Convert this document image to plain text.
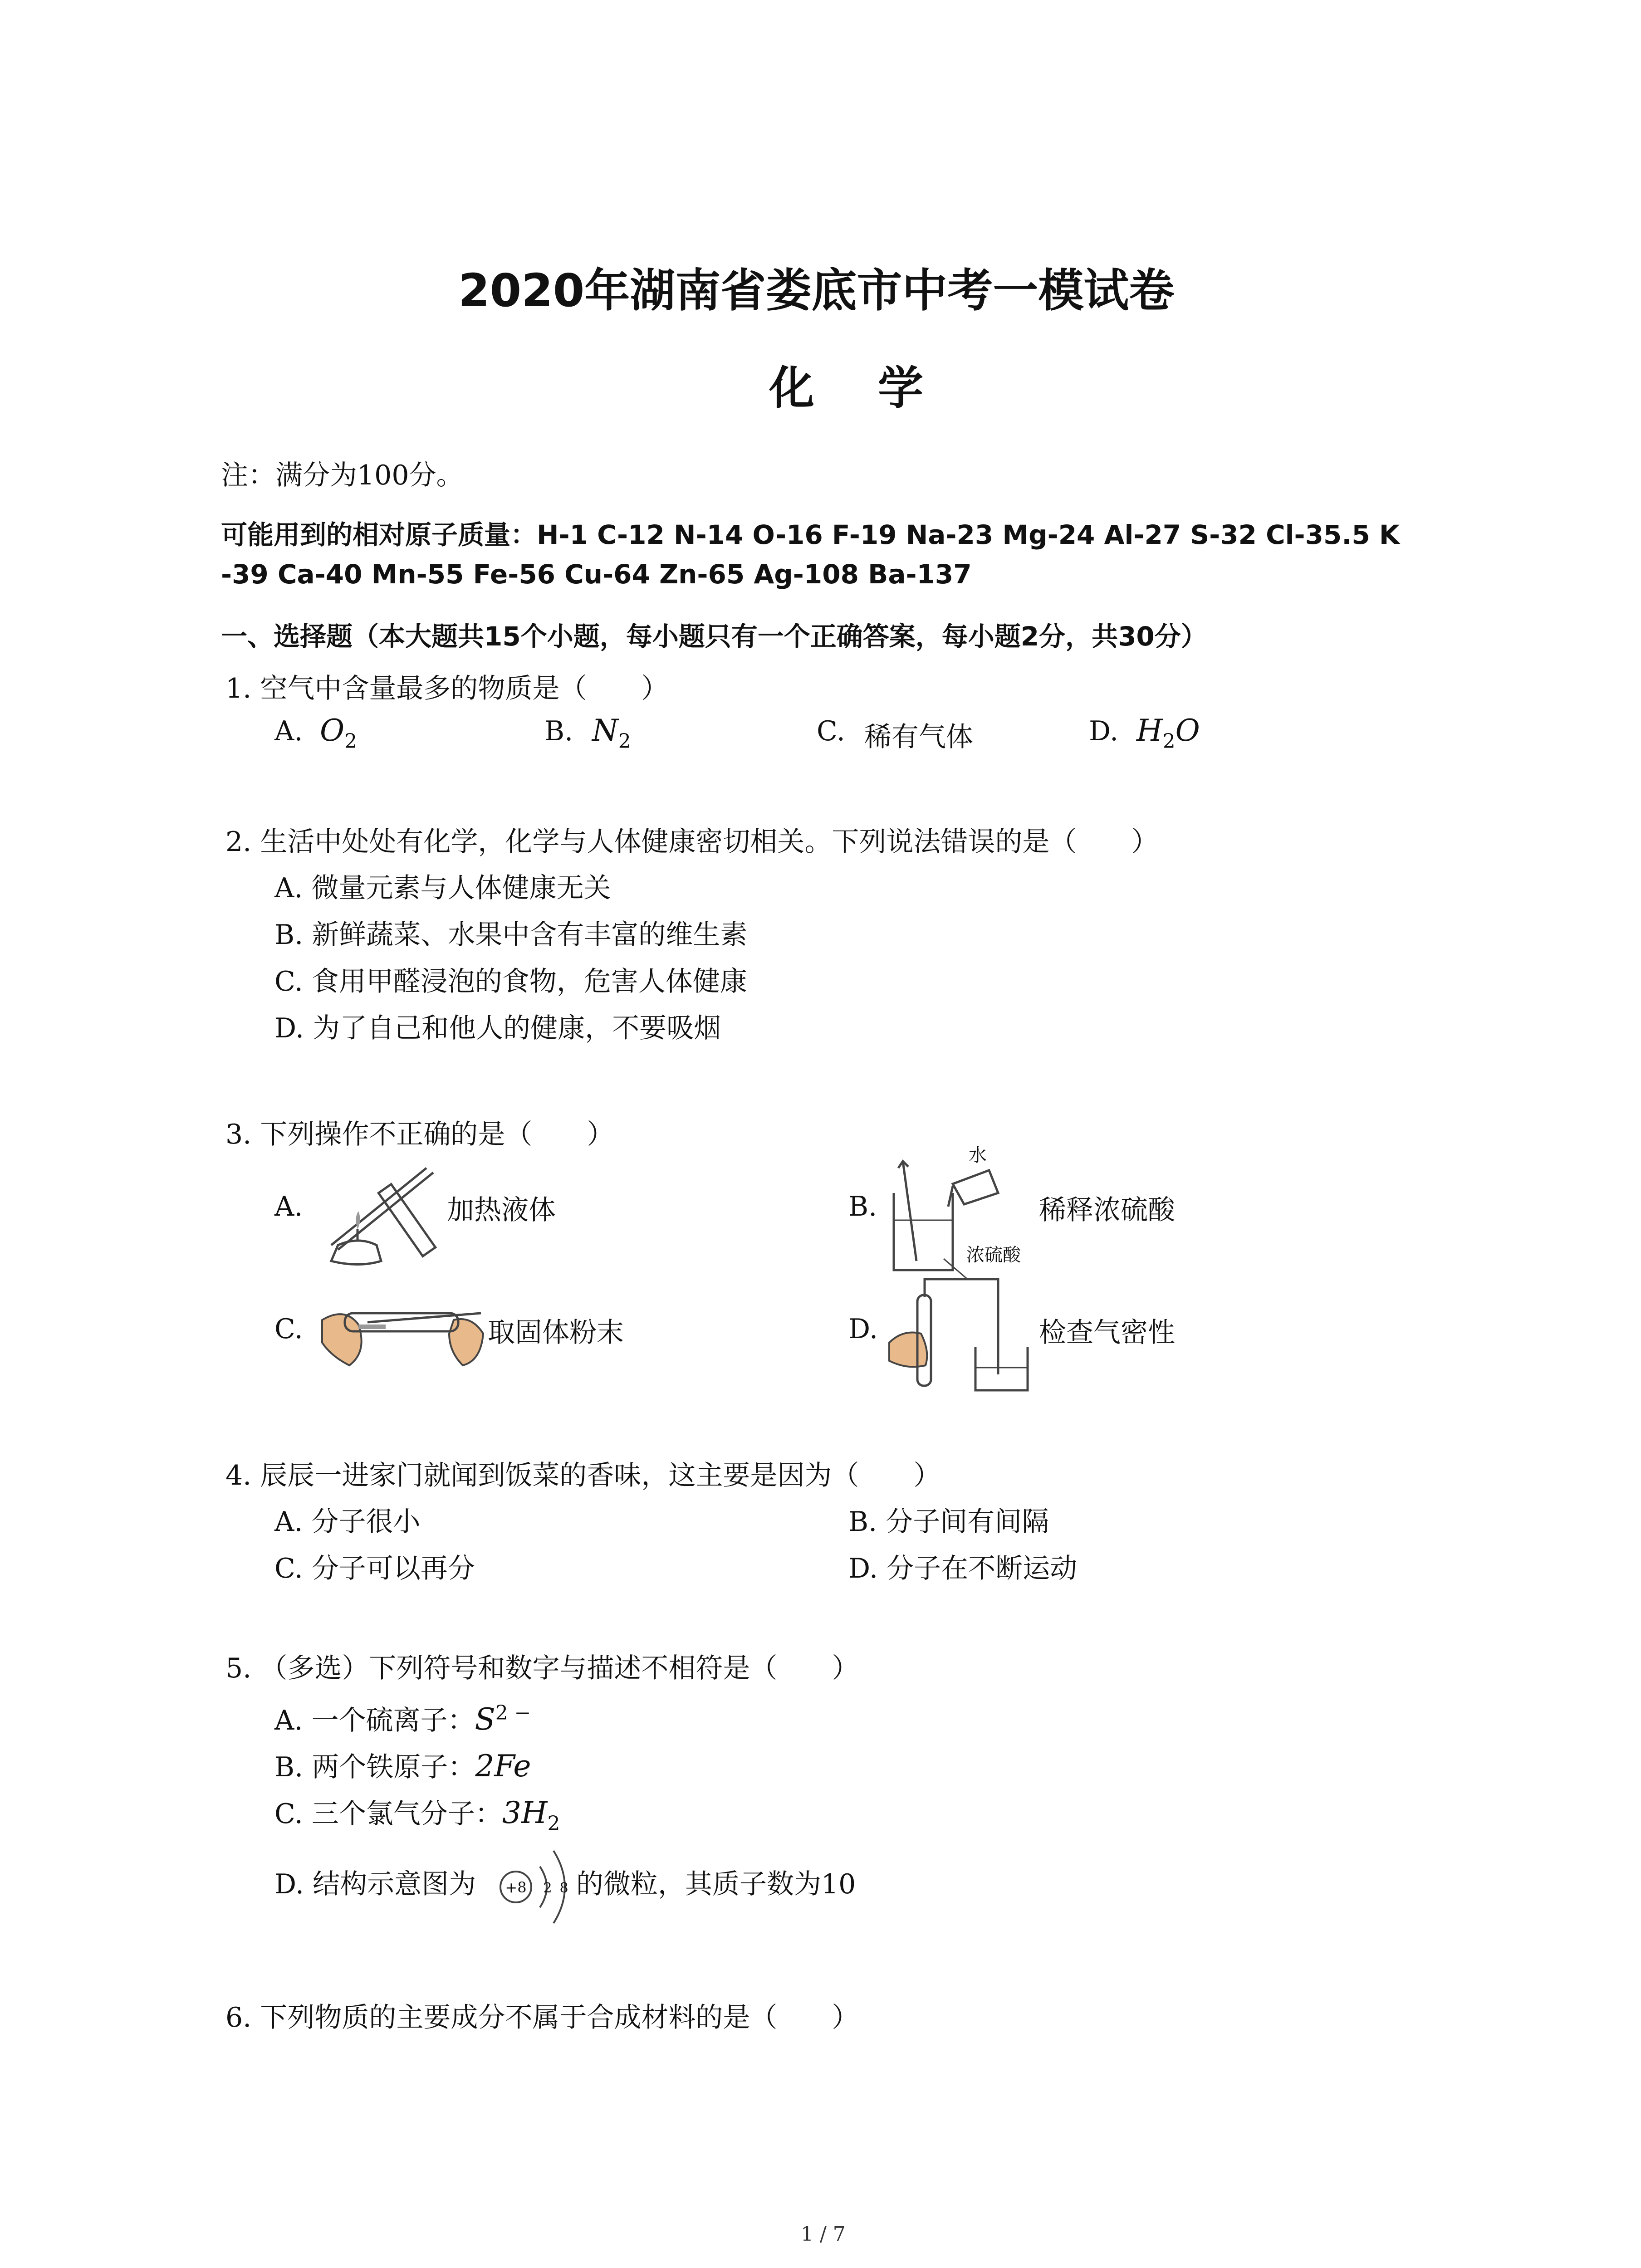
2020年湖南省娄底市中考一模试卷
化　学
注：满分为100分。
可能用到的相对原子质量：H-1 C-12 N-14 O-16 F-19 Na-23 Mg-24 Al-27 S-32 Cl-35.5 K
-39 Ca-40 Mn-55 Fe-56 Cu-64 Zn-65 Ag-108 Ba-137
一、选择题（本大题共15个小题，每小题只有一个正确答案，每小题2分，共30分）
1. 空气中含量最多的物质是（　　）
A. $O_2$	B. $N_2$	C. 稀有气体	D. $H_2O$
2. 生活中处处有化学，化学与人体健康密切相关。下列说法错误的是（　　）
A. 微量元素与人体健康无关
B. 新鲜蔬菜、水果中含有丰富的维生素
C. 食用甲醛浸泡的食物，危害人体健康
D. 为了自己和他人的健康，不要吸烟
3. 下列操作不正确的是（　　）
A.	加热液体	B.
水
稀释浓硫酸
C.	取固体粉末	D.
浓硫酸
检查气密性
4. 辰辰一进家门就闻到饭菜的香味，这主要是因为（　　）
A. 分子很小	B. 分子间有间隔
C. 分子可以再分	D. 分子在不断运动
5. （多选）下列符号和数字与描述不相符是（　　）
A. 一个硫离子：$S^{2 -}$
B. 两个铁原子：2Fe
C. 三个氯气分子：$3H_2$
D. 结构示意图为 +8 2 8 的微粒，其质子数为10
6. 下列物质的主要成分不属于合成材料的是（　　）
1 / 7
